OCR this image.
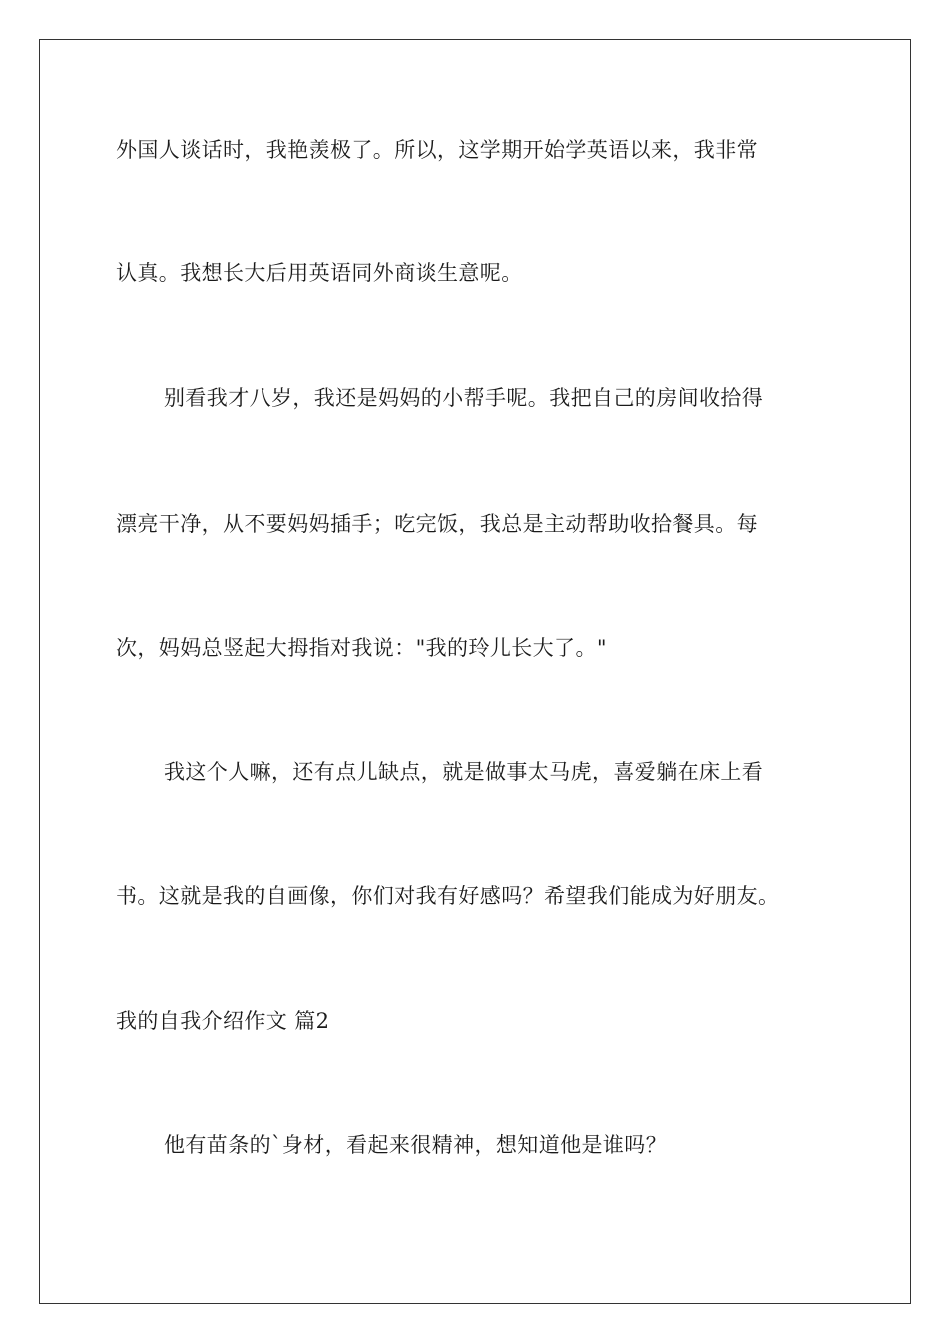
外国人谈话时，我艳羡极了。所以，这学期开始学英语以来，我非常
认真。我想长大后用英语同外商谈生意呢。
别看我才八岁，我还是妈妈的小帮手呢。我把自己的房间收拾得
漂亮干净，从不要妈妈插手；吃完饭，我总是主动帮助收拾餐具。每
次，妈妈总竖起大拇指对我说："我的玲儿长大了。"
我这个人嘛，还有点儿缺点，就是做事太马虎，喜爱躺在床上看
书。这就是我的自画像，你们对我有好感吗？希望我们能成为好朋友。
我的自我介绍作文 篇2
他有苗条的`身材，看起来很精神，想知道他是谁吗？
